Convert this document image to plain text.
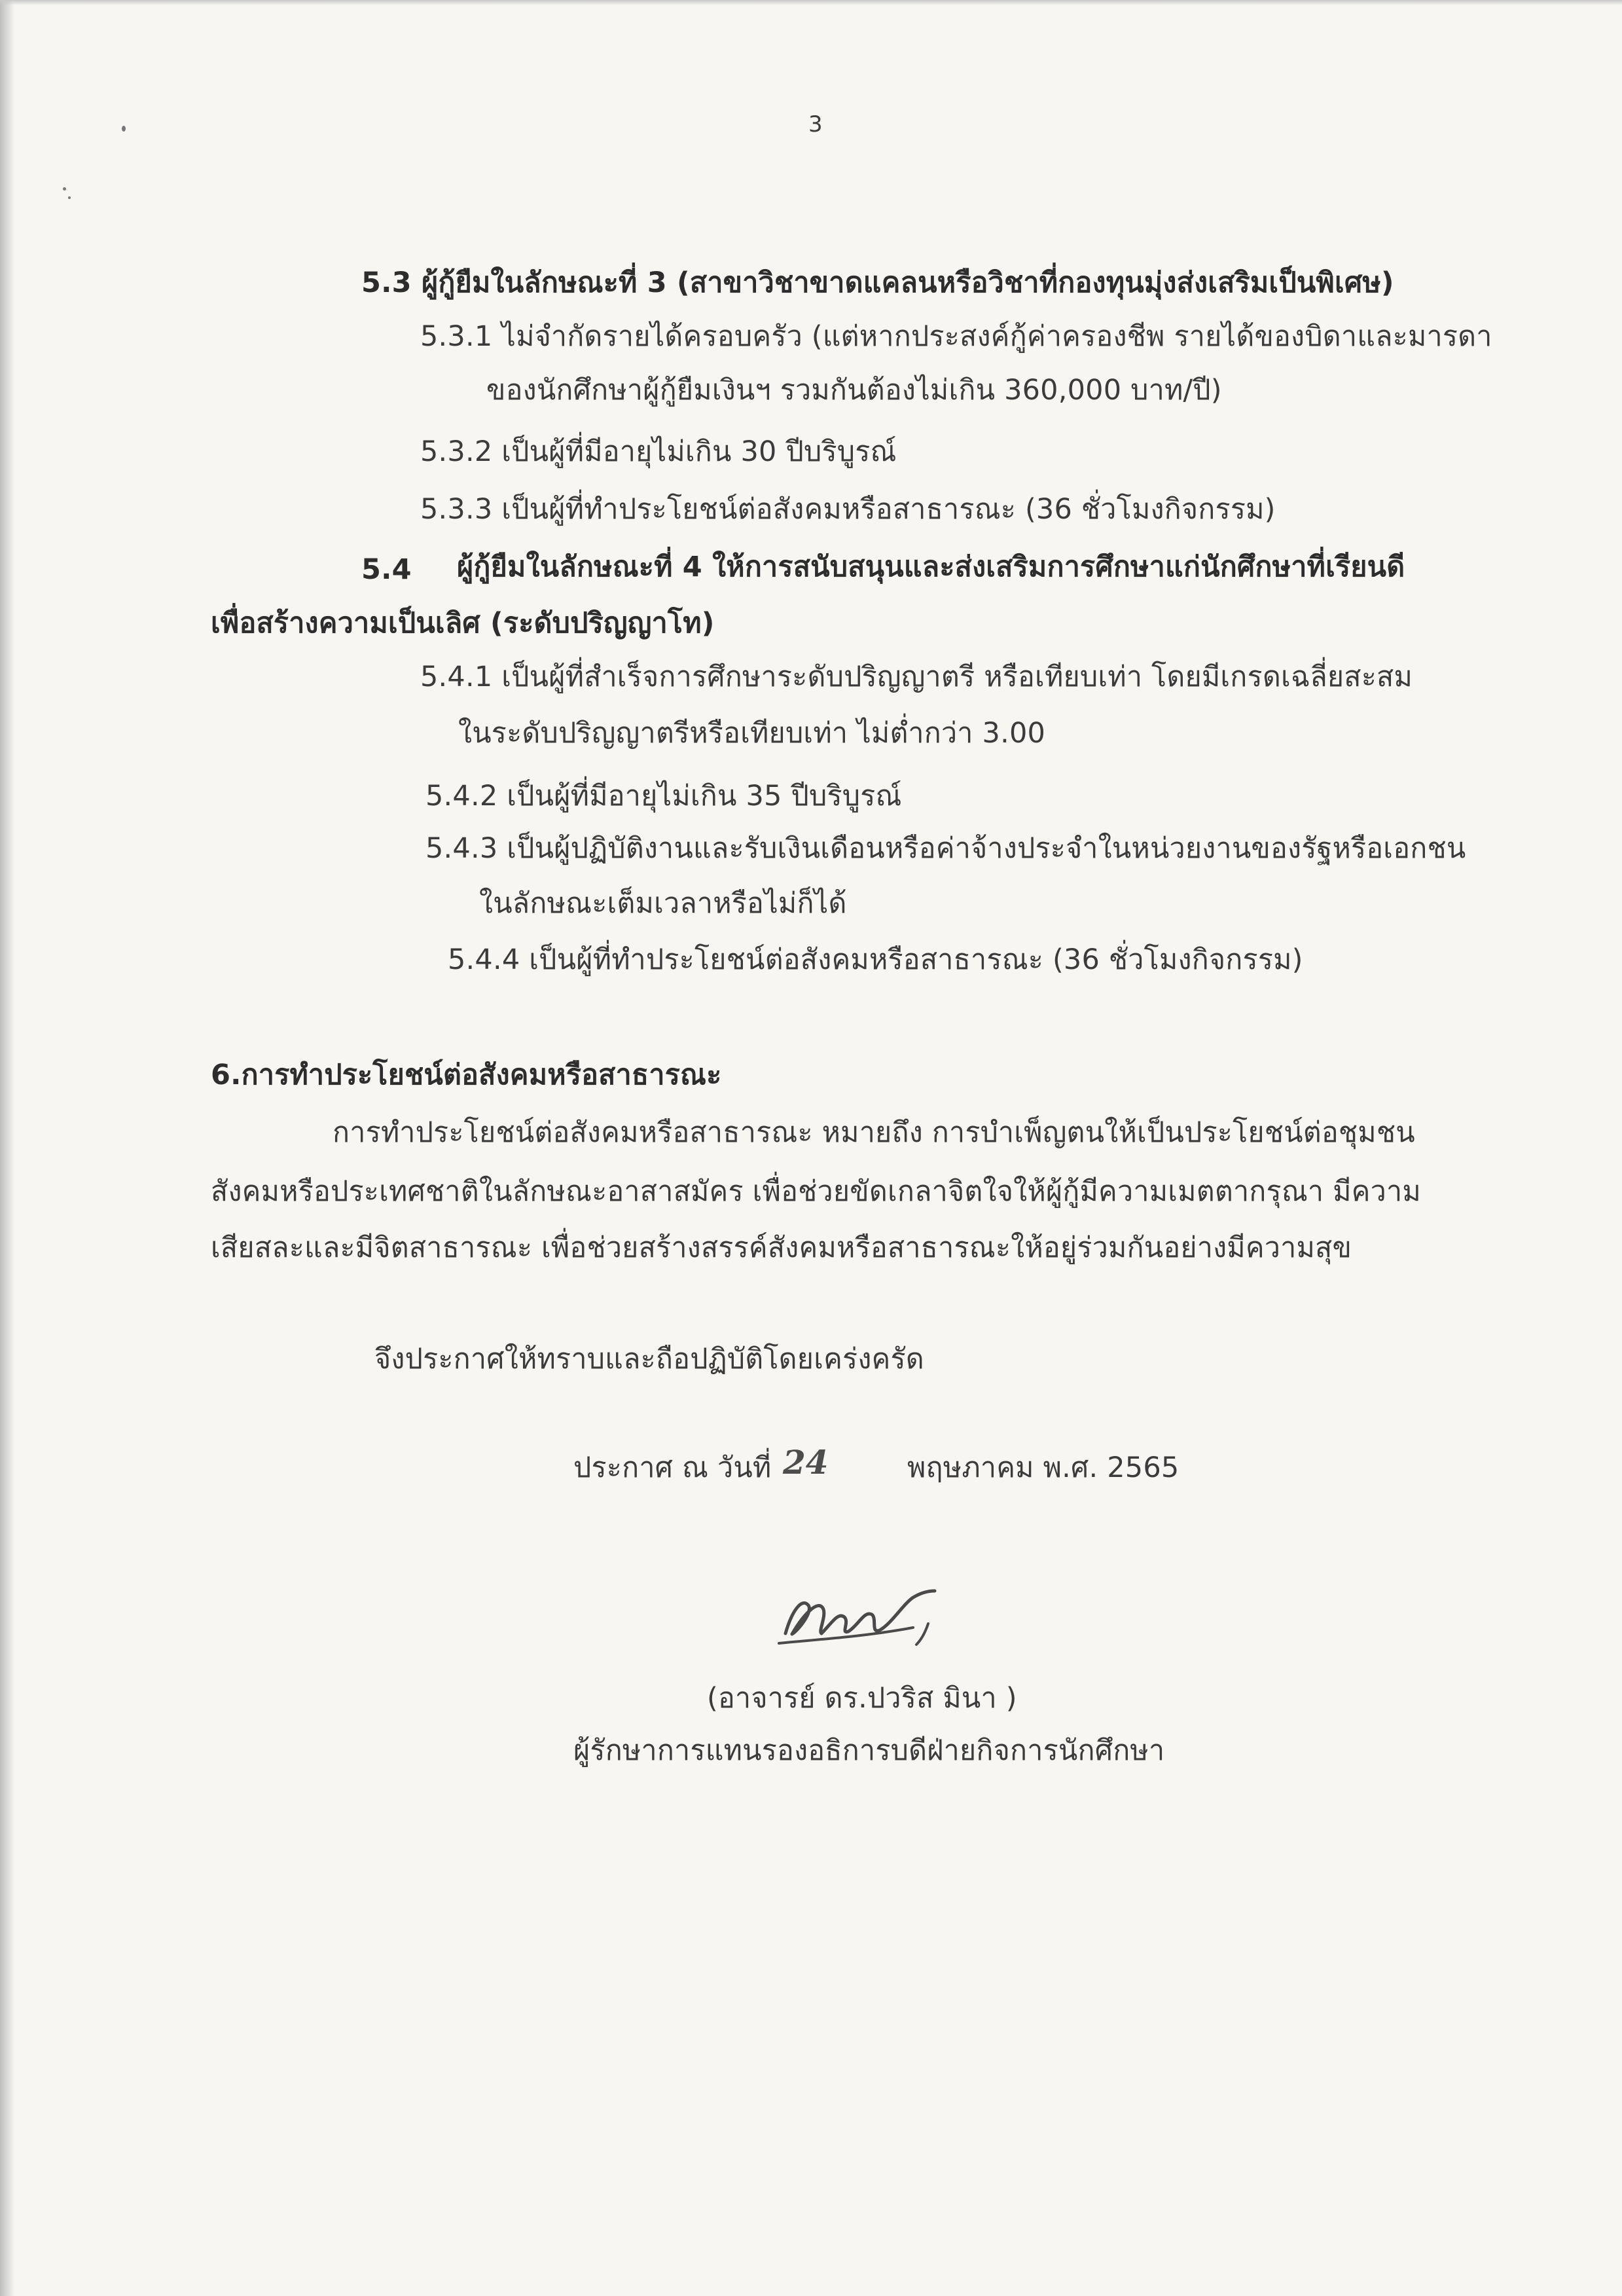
3
5.3 ผู้กู้ยืมในลักษณะที่ 3 (สาขาวิชาขาดแคลนหรือวิชาที่กองทุนมุ่งส่งเสริมเป็นพิเศษ)
5.3.1 ไม่จำกัดรายได้ครอบครัว (แต่หากประสงค์กู้ค่าครองชีพ รายได้ของบิดาและมารดา
ของนักศึกษาผู้กู้ยืมเงินฯ รวมกันต้องไม่เกิน 360,000 บาท/ปี)
5.3.2 เป็นผู้ที่มีอายุไม่เกิน 30 ปีบริบูรณ์
5.3.3 เป็นผู้ที่ทำประโยชน์ต่อสังคมหรือสาธารณะ (36 ชั่วโมงกิจกรรม)
5.4 ผู้กู้ยืมในลักษณะที่ 4 ให้การสนับสนุนและส่งเสริมการศึกษาแก่นักศึกษาที่เรียนดี
เพื่อสร้างความเป็นเลิศ (ระดับปริญญาโท)
5.4.1 เป็นผู้ที่สำเร็จการศึกษาระดับปริญญาตรี หรือเทียบเท่า โดยมีเกรดเฉลี่ยสะสม
ในระดับปริญญาตรีหรือเทียบเท่า ไม่ต่ำกว่า 3.00
5.4.2 เป็นผู้ที่มีอายุไม่เกิน 35 ปีบริบูรณ์
5.4.3 เป็นผู้ปฏิบัติงานและรับเงินเดือนหรือค่าจ้างประจำในหน่วยงานของรัฐหรือเอกชน
ในลักษณะเต็มเวลาหรือไม่ก็ได้
5.4.4 เป็นผู้ที่ทำประโยชน์ต่อสังคมหรือสาธารณะ (36 ชั่วโมงกิจกรรม)
6.การทำประโยชน์ต่อสังคมหรือสาธารณะ
การทำประโยชน์ต่อสังคมหรือสาธารณะ หมายถึง การบำเพ็ญตนให้เป็นประโยชน์ต่อชุมชน
สังคมหรือประเทศชาติในลักษณะอาสาสมัคร เพื่อช่วยขัดเกลาจิตใจให้ผู้กู้มีความเมตตากรุณา มีความ
เสียสละและมีจิตสาธารณะ เพื่อช่วยสร้างสรรค์สังคมหรือสาธารณะให้อยู่ร่วมกันอย่างมีความสุข
จึงประกาศให้ทราบและถือปฏิบัติโดยเคร่งครัด
ประกาศ ณ วันที่ 24	พฤษภาคม พ.ศ. 2565
(อาจารย์ ดร.ปวริส มินา )
ผู้รักษาการแทนรองอธิการบดีฝ่ายกิจการนักศึกษา
